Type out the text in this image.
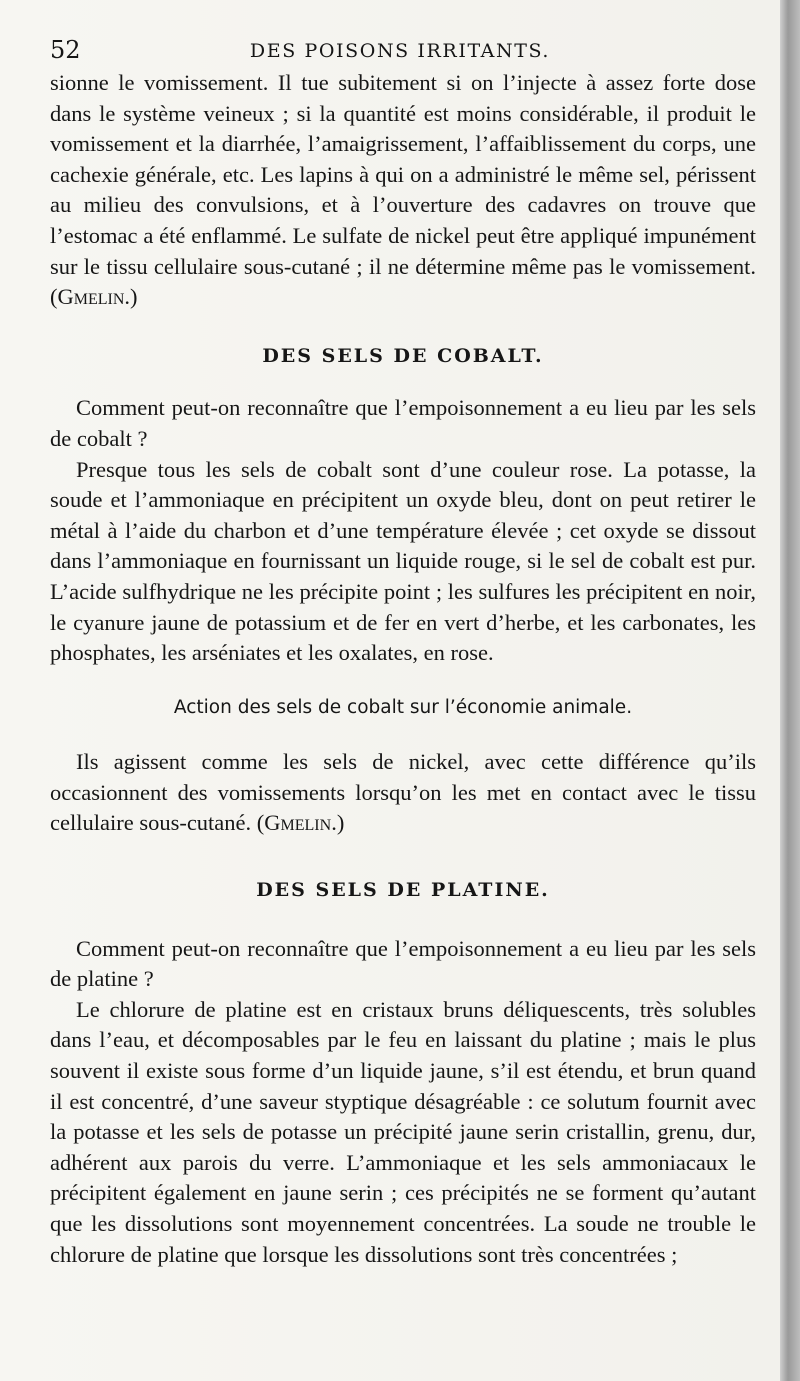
52	DES POISONS IRRITANTS.

sionne le vomissement. Il tue subitement si on l’injecte à assez forte dose dans le système veineux ; si la quantité est moins considérable, il produit le vomissement et la diarrhée, l’amaigrissement, l’affaiblissement du corps, une cachexie générale, etc. Les lapins à qui on a administré le même sel, périssent au milieu des convulsions, et à l’ouverture des cadavres on trouve que l’estomac a été enflammé. Le sulfate de nickel peut être appliqué impunément sur le tissu cellulaire sous-cutané ; il ne détermine même pas le vomissement. (Gmelin.)

DES SELS DE COBALT.

Comment peut-on reconnaître que l’empoisonnement a eu lieu par les sels de cobalt ?

Presque tous les sels de cobalt sont d’une couleur rose. La potasse, la soude et l’ammoniaque en précipitent un oxyde bleu, dont on peut retirer le métal à l’aide du charbon et d’une température élevée ; cet oxyde se dissout dans l’ammoniaque en fournissant un liquide rouge, si le sel de cobalt est pur. L’acide sulfhydrique ne les précipite point ; les sulfures les précipitent en noir, le cyanure jaune de potassium et de fer en vert d’herbe, et les carbonates, les phosphates, les arséniates et les oxalates, en rose.

Action des sels de cobalt sur l’économie animale.

Ils agissent comme les sels de nickel, avec cette différence qu’ils occasionnent des vomissements lorsqu’on les met en contact avec le tissu cellulaire sous-cutané. (Gmelin.)

DES SELS DE PLATINE.

Comment peut-on reconnaître que l’empoisonnement a eu lieu par les sels de platine ?

Le chlorure de platine est en cristaux bruns déliquescents, très solubles dans l’eau, et décomposables par le feu en laissant du platine ; mais le plus souvent il existe sous forme d’un liquide jaune, s’il est étendu, et brun quand il est concentré, d’une saveur styptique désagréable : ce solutum fournit avec la potasse et les sels de potasse un précipité jaune serin cristallin, grenu, dur, adhérent aux parois du verre. L’ammoniaque et les sels ammoniacaux le précipitent également en jaune serin ; ces précipités ne se forment qu’autant que les dissolutions sont moyennement concentrées. La soude ne trouble le chlorure de platine que lorsque les dissolutions sont très concentrées ;
